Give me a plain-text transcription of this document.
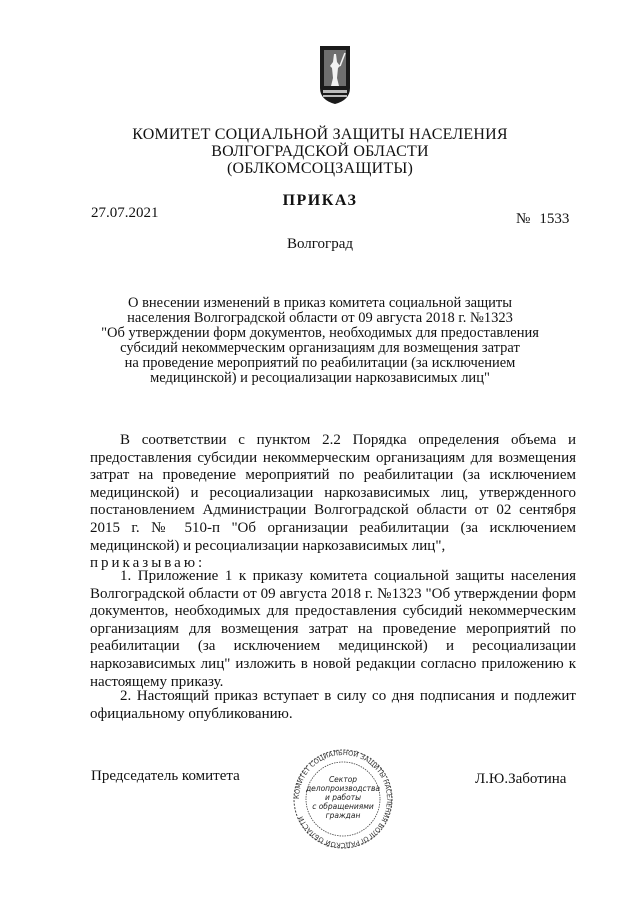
КОМИТЕТ СОЦИАЛЬНОЙ ЗАЩИТЫ НАСЕЛЕНИЯ
ВОЛГОГРАДСКОЙ ОБЛАСТИ
(ОБЛКОМСОЦЗАЩИТЫ)
ПРИКАЗ
27.07.2021	№ 1533
Волгоград
О внесении изменений в приказ комитета социальной защиты
населения Волгоградской области от 09 августа 2018 г. №1323
"Об утверждении форм документов, необходимых для предоставления
субсидий некоммерческим организациям для возмещения затрат
на проведение мероприятий по реабилитации (за исключением
медицинской) и ресоциализации наркозависимых лиц"
В соответствии с пунктом 2.2 Порядка определения объема и предоставления субсидии некоммерческим организациям для возмещения затрат на проведение мероприятий по реабилитации (за исключением медицинской) и ресоциализации наркозависимых лиц, утвержденного постановлением Администрации Волгоградской области от 02 сентября 2015 г. № 510-п "Об организации реабилитации (за исключением медицинской) и ресоциализации наркозависимых лиц",
приказываю:
1. Приложение 1 к приказу комитета социальной защиты населения Волгоградской области от 09 августа 2018 г. №1323 "Об утверждении форм документов, необходимых для предоставления субсидий некоммерческим организациям для возмещения затрат на проведение мероприятий по реабилитации (за исключением медицинской) и ресоциализации наркозависимых лиц" изложить в новой редакции согласно приложению к настоящему приказу.
2. Настоящий приказ вступает в силу со дня подписания и подлежит официальному опубликованию.
Председатель комитета	Л.Ю.Заботина
КОМИТЕТ СОЦИАЛЬНОЙ ЗАЩИТЫ НАСЕЛЕНИЯ ВОЛГОГРАДСКОЙ ОБЛАСТИ
Сектор
делопроизводства
и работы
с обращениями
граждан
